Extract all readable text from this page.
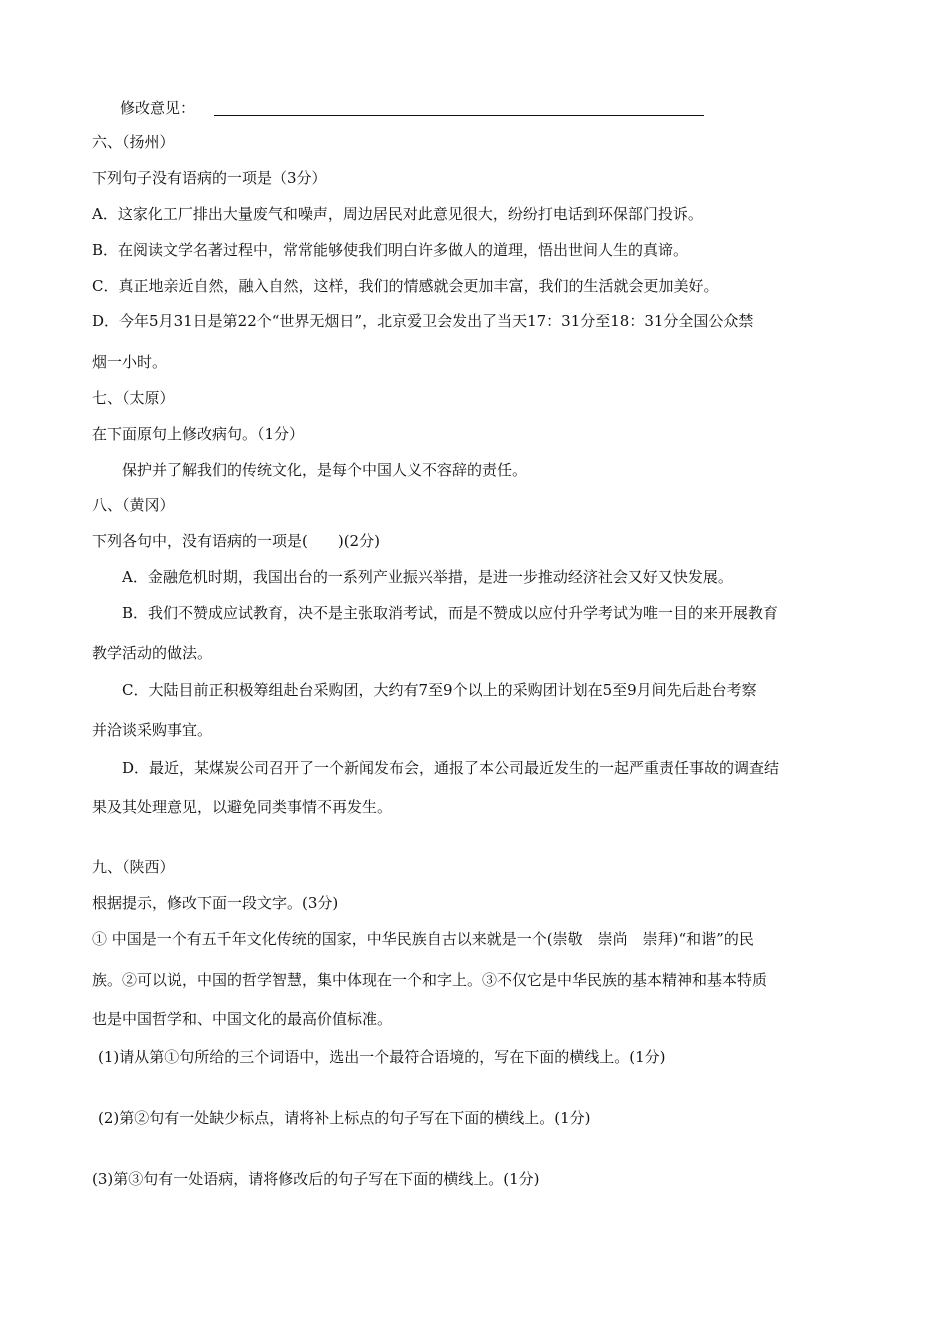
修改意见：
六、（扬州）
下列句子没有语病的一项是（3分）
A．这家化工厂排出大量废气和噪声，周边居民对此意见很大，纷纷打电话到环保部门投诉。
B．在阅读文学名著过程中，常常能够使我们明白许多做人的道理，悟出世间人生的真谛。
C．真正地亲近自然，融入自然，这样，我们的情感就会更加丰富，我们的生活就会更加美好。
D．今年5月31日是第22个“世界无烟日”，北京爱卫会发出了当天17：31分至18：31分全国公众禁
烟一小时。
七、（太原）
在下面原句上修改病句。（1分）
保护并了解我们的传统文化，是每个中国人义不容辞的责任。
八、（黄冈）
下列各句中，没有语病的一项是(　　)(2分)
A．金融危机时期，我国出台的一系列产业振兴举措，是进一步推动经济社会又好又快发展。
B．我们不赞成应试教育，决不是主张取消考试，而是不赞成以应付升学考试为唯一目的来开展教育
教学活动的做法。
C．大陆目前正积极筹组赴台采购团，大约有7至9个以上的采购团计划在5至9月间先后赴台考察
并洽谈采购事宜。
D．最近，某煤炭公司召开了一个新闻发布会，通报了本公司最近发生的一起严重责任事故的调查结
果及其处理意见，以避免同类事情不再发生。
九、（陕西）
根据提示，修改下面一段文字。(3分)
① 中国是一个有五千年文化传统的国家，中华民族自古以来就是一个(崇敬　崇尚　崇拜)“和谐”的民
族。②可以说，中国的哲学智慧，集中体现在一个和字上。③不仅它是中华民族的基本精神和基本特质
也是中国哲学和、中国文化的最高价值标准。
(1)请从第①句所给的三个词语中，选出一个最符合语境的，写在下面的横线上。(1分)
(2)第②句有一处缺少标点，请将补上标点的句子写在下面的横线上。(1分)
(3)第③句有一处语病，请将修改后的句子写在下面的横线上。(1分)
